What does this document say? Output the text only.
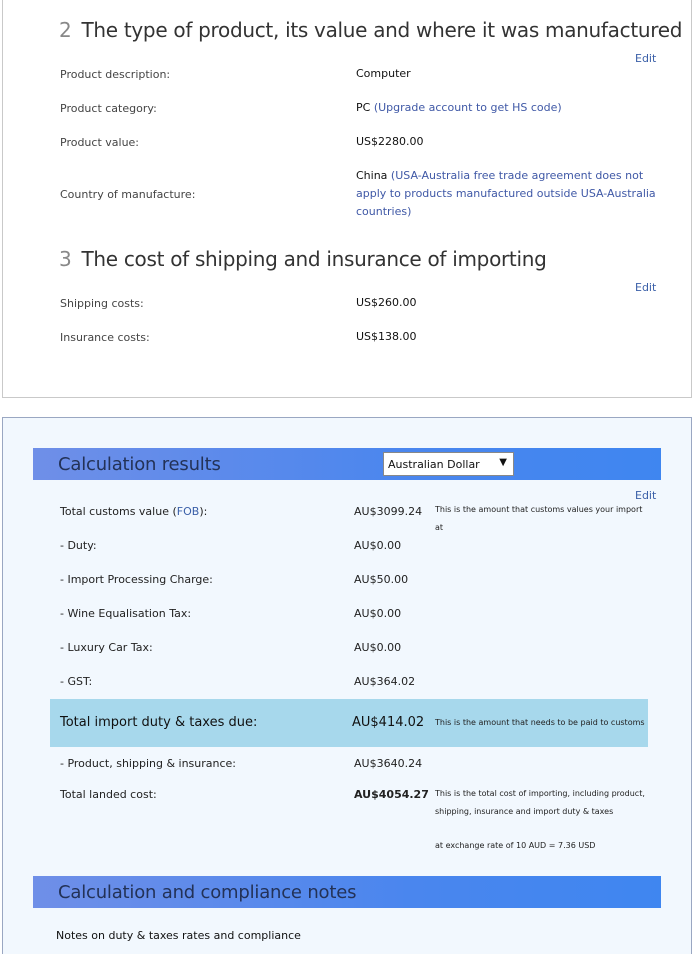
2 The type of product, its value and where it was manufactured
Edit
Product description:	Computer
Product category:	PC (Upgrade account to get HS code)
Product value:	US$2280.00
Country of manufacture:
China (USA-Australia free trade agreement does not apply to products manufactured outside USA-Australia countries)
3 The cost of shipping and insurance of importing
Edit
Shipping costs:	US$260.00
Insurance costs:	US$138.00
Calculation results	Australian Dollar ▼
Edit
Total customs value (FOB):	AU$3099.24 This is the amount that customs values your import at
- Duty:	AU$0.00
- Import Processing Charge:	AU$50.00
- Wine Equalisation Tax:	AU$0.00
- Luxury Car Tax:	AU$0.00
- GST:	AU$364.02
Total import duty & taxes due:	AU$414.02 This is the amount that needs to be paid to customs
- Product, shipping & insurance:	AU$3640.24
Total landed cost:	AU$4054.27 This is the total cost of importing, including product, shipping, insurance and import duty & taxes
at exchange rate of 10 AUD = 7.36 USD
Calculation and compliance notes
Notes on duty & taxes rates and compliance
